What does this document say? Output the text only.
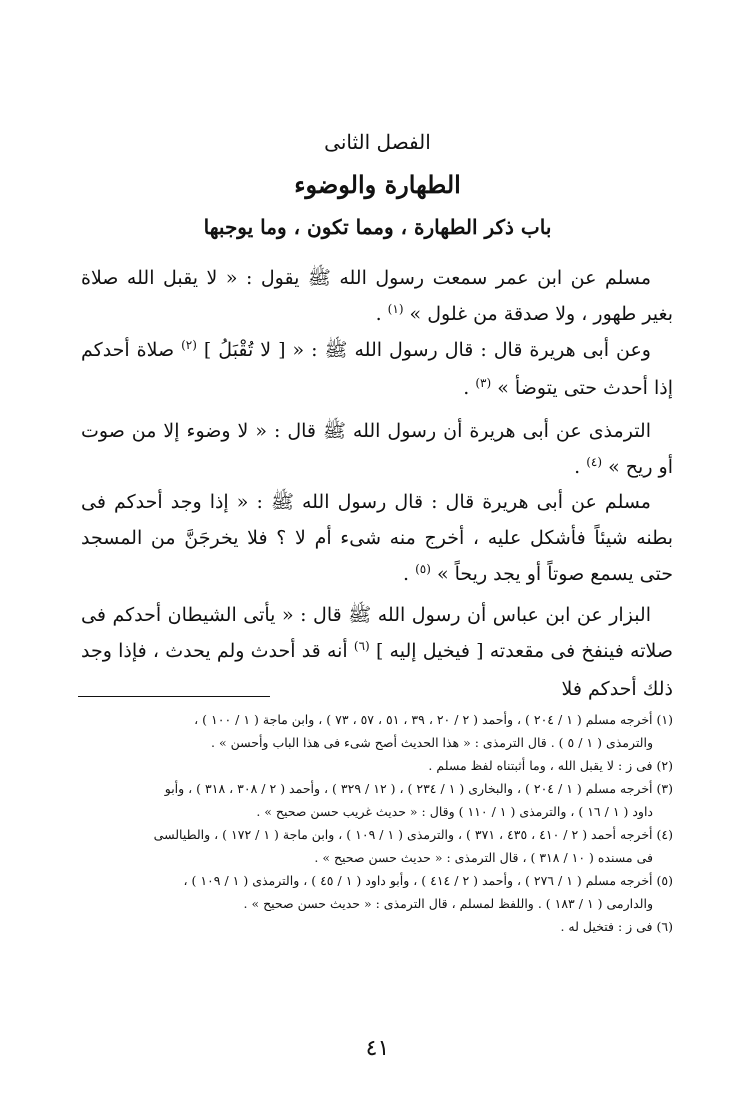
الفصل الثانى
الطهارة والوضوء
باب ذكر الطهارة ، ومما تكون ، وما يوجبها
مسلم عن ابن عمر سمعت رسول الله ﷺ يقول : « لا يقبل الله صلاة بغير طهور ، ولا صدقة من غلول » $^{(١)}$ .
وعن أبى هريرة قال : قال رسول الله ﷺ : « [ لا تُقْبَلُ ] $^{(٢)}$ صلاة أحدكم إذا أحدث حتى يتوضأ » $^{(٣)}$ .
الترمذى عن أبى هريرة أن رسول الله ﷺ قال : « لا وضوء إلا من صوت أو ريح » $^{(٤)}$ .
مسلم عن أبى هريرة قال : قال رسول الله ﷺ : « إذا وجد أحدكم فى بطنه شيئاً فأشكل عليه ، أخرج منه شىء أم لا ؟ فلا يخرجَنَّ من المسجد حتى يسمع صوتاً أو يجد ريحاً » $^{(٥)}$ .
البزار عن ابن عباس أن رسول الله ﷺ قال : « يأتى الشيطان أحدكم فى صلاته فينفخ فى مقعدته [ فيخيل إليه ] $^{(٦)}$ أنه قد أحدث ولم يحدث ، فإذا وجد ذلك أحدكم فلا

(١) أخرجه مسلم ( ١ / ٢٠٤ ) ، وأحمد ( ٢ / ٢٠ ، ٣٩ ، ٥١ ، ٥٧ ، ٧٣ ) ، وابن ماجة ( ١ / ١٠٠ ) ،
والترمذى ( ١ / ٥ ) . قال الترمذى : « هذا الحديث أصح شىء فى هذا الباب وأحسن » .

(٢) فى ز : لا يقبل الله ، وما أثبتناه لفظ مسلم .

(٣) أخرجه مسلم ( ١ / ٢٠٤ ) ، والبخارى ( ١ / ٢٣٤ ) ، ( ١٢ / ٣٢٩ ) ، وأحمد ( ٢ / ٣٠٨ ، ٣١٨ ) ، وأبو
داود ( ١ / ١٦ ) ، والترمذى ( ١ / ١١٠ ) وقال : « حديث غريب حسن صحيح » .

(٤) أخرجه أحمد ( ٢ / ٤١٠ ، ٤٣٥ ، ٣٧١ ) ، والترمذى ( ١ / ١٠٩ ) ، وابن ماجة ( ١ / ١٧٢ ) ، والطيالسى
فى مسنده ( ١٠ / ٣١٨ ) ، قال الترمذى : « حديث حسن صحيح » .

(٥) أخرجه مسلم ( ١ / ٢٧٦ ) ، وأحمد ( ٢ / ٤١٤ ) ، وأبو داود ( ١ / ٤٥ ) ، والترمذى ( ١ / ١٠٩ ) ،
والدارمى ( ١ / ١٨٣ ) . واللفظ لمسلم ، قال الترمذى : « حديث حسن صحيح » .

(٦) فى ز : فتخيل له .

٤١
